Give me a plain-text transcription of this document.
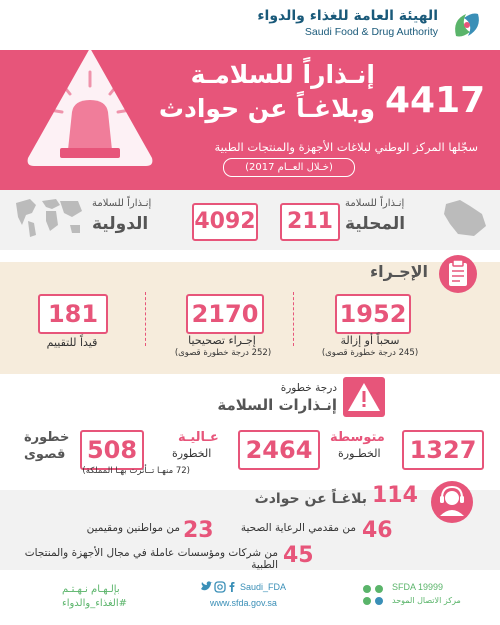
الهيئة العامة للغذاء والدواء
Saudi Food & Drug Authority
4417
إنـذاراً للسلامـة
وبلاغـاً عن حوادث
سجّلها المركز الوطني لبلاغات الأجهزة والمنتجات الطبية
(خـلال العــام 2017)
211
إنـذاراً للسلامة
المحلية
4092
إنـذاراً للسلامة
الدولية
الإجـراء
1952
سحباً أو إزالة
(245 درجة خطورة قصوى)
2170
إجـراء تصحيحيا
(252 درجة خطورة قصوى)
181
قيداً للتقييم
درجة خطورة
إنـذارات السلامة
1327
متوسطة
الخطـورة
2464
عـاليـة
الخطورة
508
خطورة
قصوى
(72 منهـا تــأثرت بهـا المملكة)
114
بلاغـاً عن حوادث
46
من مقدمي الرعاية الصحية
23
من مواطنين ومقيمين
45
من شركات ومؤسسات عاملة في مجال الأجهزة والمنتجات الطبية
بإلـهـام نـهـتـم
#الغذاء_والدواء
Saudi_FDA
www.sfda.gov.sa
SFDA 19999
مركز الاتصال الموحد
